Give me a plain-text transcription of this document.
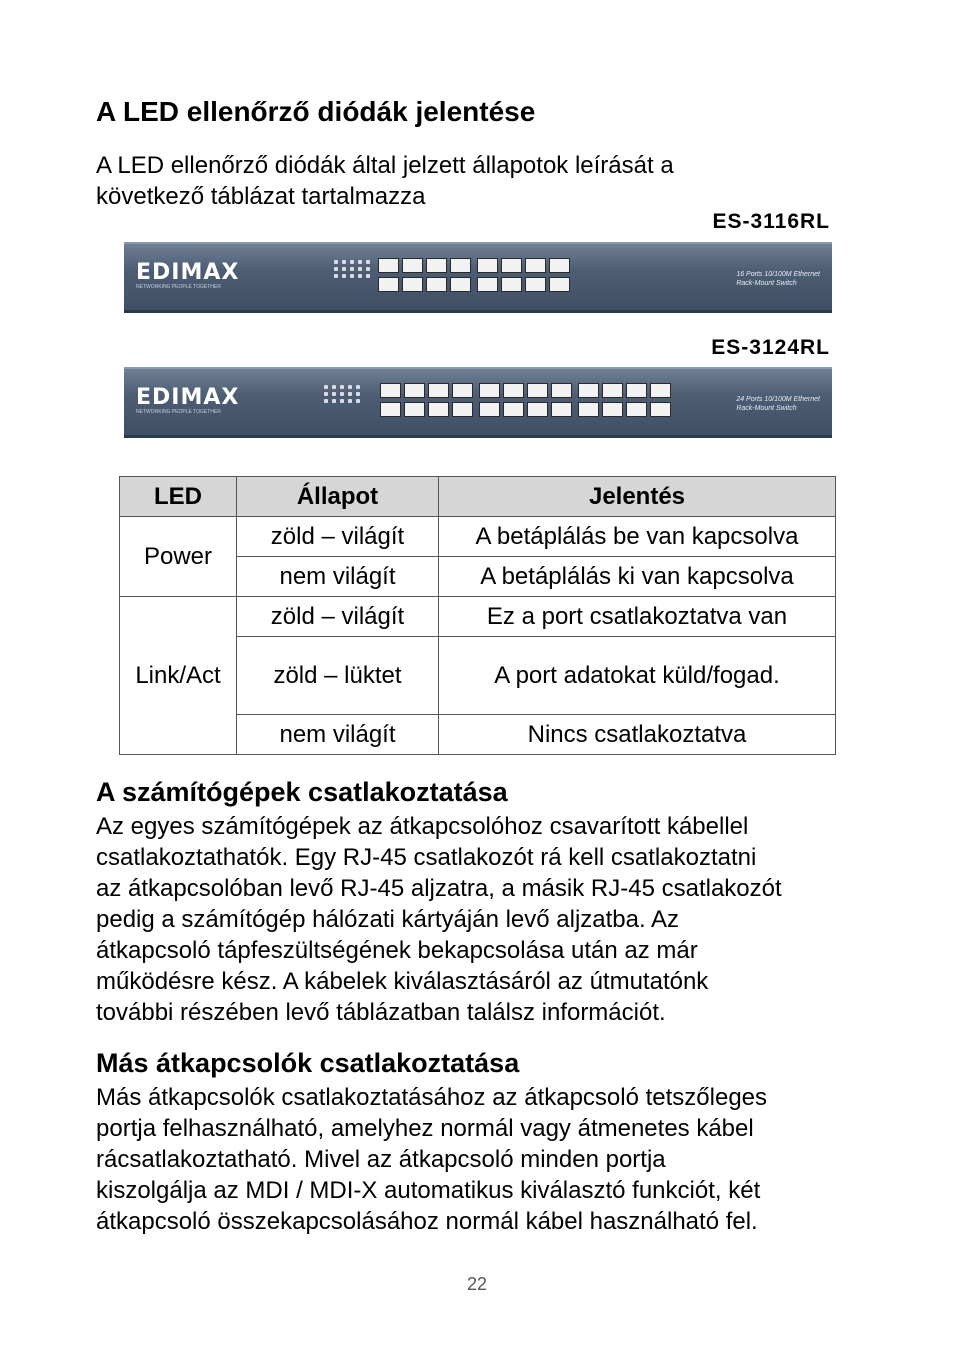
A LED ellenőrző diódák jelentése

A LED ellenőrző diódák által jelzett állapotok leírását a

következő táblázat tartalmazza

ES-3116RL
EDIMAX
NETWORKING PEOPLE TOGETHER
16 Ports 10/100M Ethernet
Rack-Mount Switch
ES-3124RL
EDIMAX
NETWORKING PEOPLE TOGETHER
24 Ports 10/100M Ethernet
Rack-Mount Switch
LED	Állapot	Jelentés
Power	zöld – világít	A betáplálás be van kapcsolva
	nem világít	A betáplálás ki van kapcsolva
Link/Act	zöld – világít	Ez a port csatlakoztatva van
	zöld – lüktet	A port adatokat küld/fogad.
	nem világít	Nincs csatlakoztatva
A számítógépek csatlakoztatása

Az egyes számítógépek az átkapcsolóhoz csavarított kábellel

csatlakoztathatók. Egy RJ-45 csatlakozót rá kell csatlakoztatni

az átkapcsolóban levő RJ-45 aljzatra, a másik RJ-45 csatlakozót

pedig a számítógép hálózati kártyáján levő aljzatba. Az

átkapcsoló tápfeszültségének bekapcsolása után az már

működésre kész. A kábelek kiválasztásáról az útmutatónk

további részében levő táblázatban találsz információt.

Más átkapcsolók csatlakoztatása

Más átkapcsolók csatlakoztatásához az átkapcsoló tetszőleges

portja felhasználható, amelyhez normál vagy átmenetes kábel

rácsatlakoztatható. Mivel az átkapcsoló minden portja

kiszolgálja az MDI / MDI-X automatikus kiválasztó funkciót, két

átkapcsoló összekapcsolásához normál kábel használható fel.

22
